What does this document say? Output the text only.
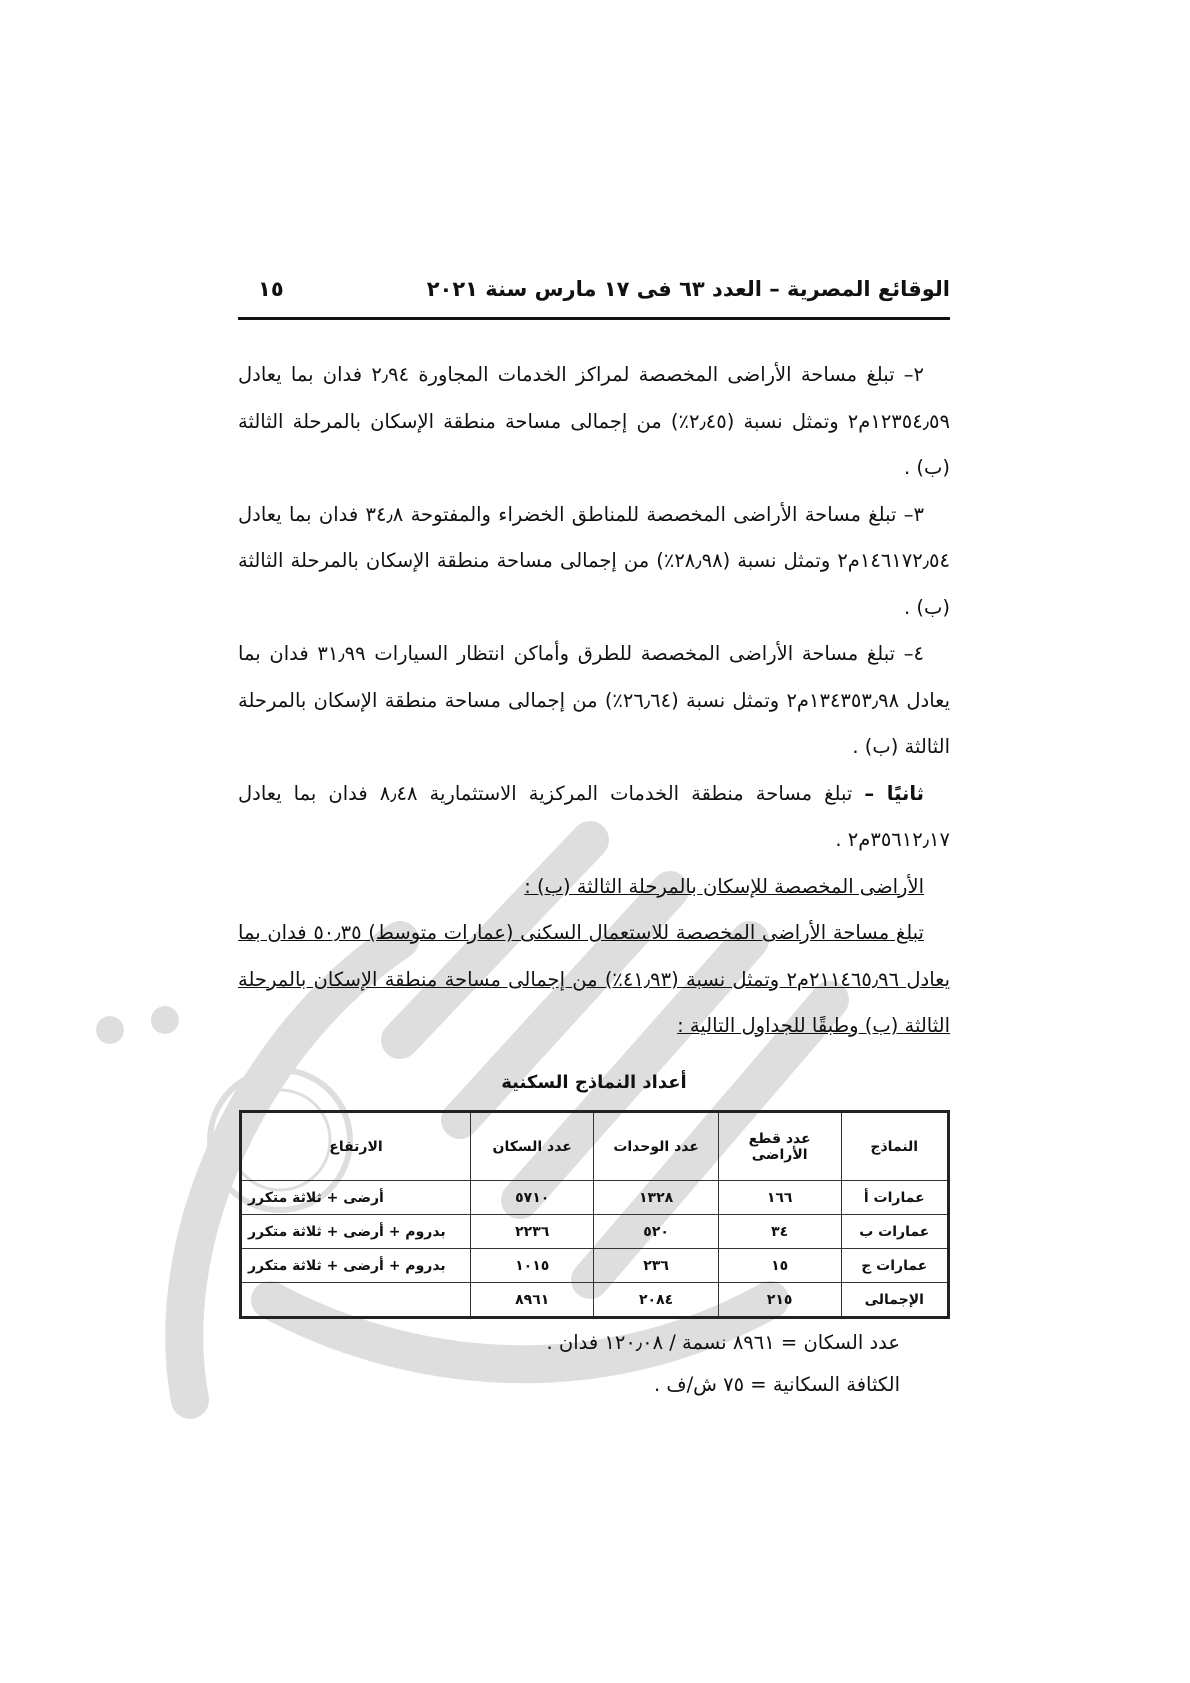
الوقائع المصرية – العدد ٦٣ فى ١٧ مارس سنة ٢٠٢١
١٥

٢– تبلغ مساحة الأراضى المخصصة لمراكز الخدمات المجاورة ٢٫٩٤ فدان بما يعادل ١٢٣٥٤٫٥٩م٢ وتمثل نسبة (٢٫٤٥٪) من إجمالى مساحة منطقة الإسكان بالمرحلة الثالثة (ب) .

٣– تبلغ مساحة الأراضى المخصصة للمناطق الخضراء والمفتوحة ٣٤٫٨ فدان بما يعادل ١٤٦١٧٢٫٥٤م٢ وتمثل نسبة (٢٨٫٩٨٪) من إجمالى مساحة منطقة الإسكان بالمرحلة الثالثة (ب) .

٤– تبلغ مساحة الأراضى المخصصة للطرق وأماكن انتظار السيارات ٣١٫٩٩ فدان بما يعادل ١٣٤٣٥٣٫٩٨م٢ وتمثل نسبة (٢٦٫٦٤٪) من إجمالى مساحة منطقة الإسكان بالمرحلة الثالثة (ب) .

ثانيًا – تبلغ مساحة منطقة الخدمات المركزية الاستثمارية ٨٫٤٨ فدان بما يعادل ٣٥٦١٢٫١٧م٢ .

الأراضى المخصصة للإسكان بالمرحلة الثالثة (ب) :

تبلغ مساحة الأراضى المخصصة للاستعمال السكنى (عمارات متوسط) ٥٠٫٣٥ فدان بما يعادل ٢١١٤٦٥٫٩٦م٢ وتمثل نسبة (٤١٫٩٣٪) من إجمالى مساحة منطقة الإسكان بالمرحلة الثالثة (ب) وطبقًا للجداول التالية :

أعداد النماذج السكنية
النماذج	عدد قطع الأراضى	عدد الوحدات	عدد السكان	الارتفاع
عمارات أ	١٦٦	١٣٢٨	٥٧١٠	أرضى + ثلاثة متكرر
عمارات ب	٣٤	٥٢٠	٢٢٣٦	بدروم + أرضى + ثلاثة متكرر
عمارات ج	١٥	٢٣٦	١٠١٥	بدروم + أرضى + ثلاثة متكرر
الإجمالى	٢١٥	٢٠٨٤	٨٩٦١	

عدد السكان = ٨٩٦١ نسمة / ١٢٠٫٠٨ فدان .

الكثافة السكانية = ٧٥ ش/ف .
